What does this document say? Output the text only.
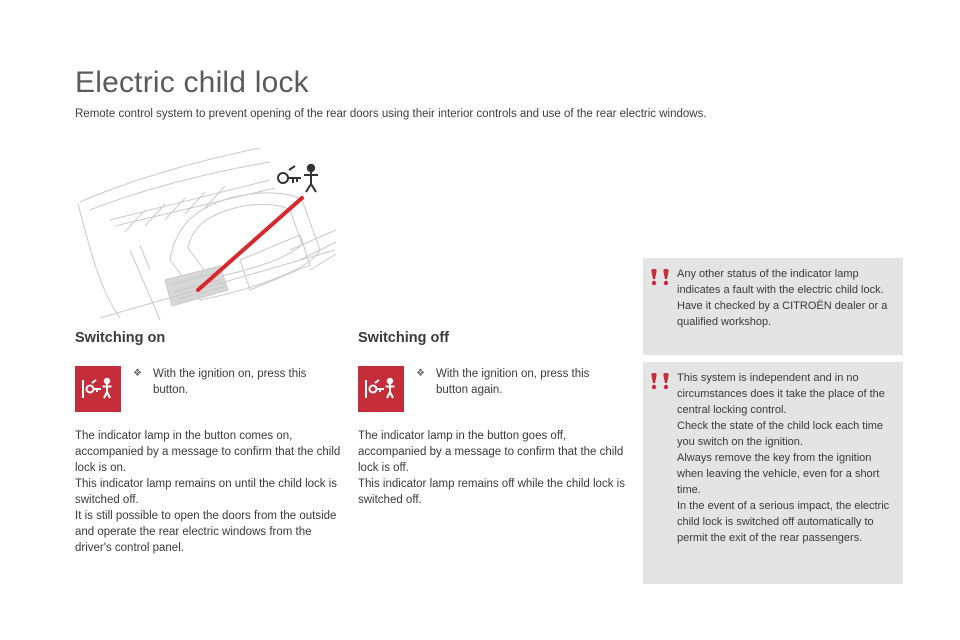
Electric child lock

Remote control system to prevent opening of the rear doors using their interior controls and use of the rear electric windows.

Switching on
❖ With the ignition on, press this button.

The indicator lamp in the button comes on, accompanied by a message to confirm that the child lock is on.

This indicator lamp remains on until the child lock is switched off.

It is still possible to open the doors from the outside and operate the rear electric windows from the driver's control panel.

Switching off
❖ With the ignition on, press this button again.

The indicator lamp in the button goes off, accompanied by a message to confirm that the child lock is off.

This indicator lamp remains off while the child lock is switched off.

Any other status of the indicator lamp indicates a fault with the electric child lock.
Have it checked by a CITROËN dealer or a qualified workshop.
This system is independent and in no circumstances does it take the place of the central locking control.
Check the state of the child lock each time you switch on the ignition.
Always remove the key from the ignition when leaving the vehicle, even for a short time.
In the event of a serious impact, the electric child lock is switched off automatically to permit the exit of the rear passengers.
